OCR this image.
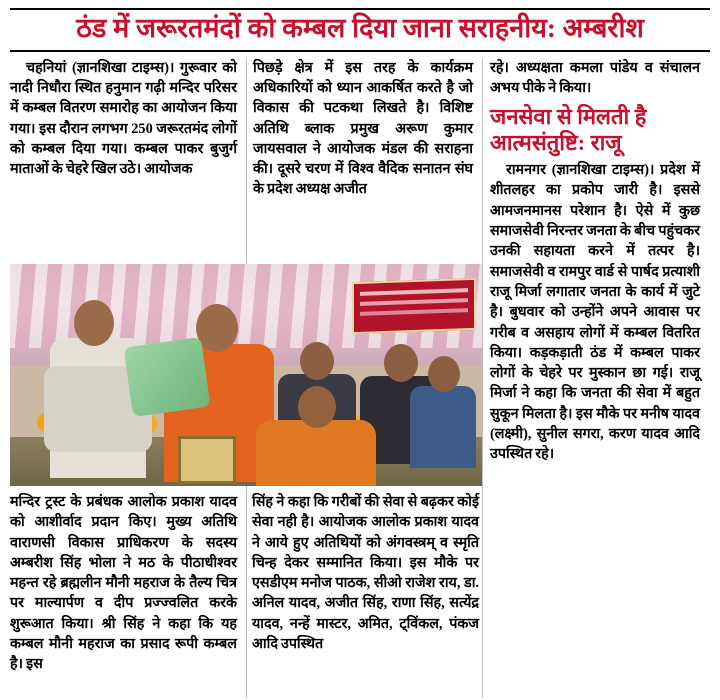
ठंड में जरूरतमंदों को कम्बल दिया जाना सराहनीय: अम्बरीश

चहनियां (ज्ञानशिखा टाइम्स)। गुरूवार को नादी निधौरा स्थित हनुमान गढ़ी मन्दिर परिसर में कम्बल वितरण समारोह का आयोजन किया गया। इस दौरान लगभग 250 जरूरतमंद लोगों को कम्बल दिया गया। कम्बल पाकर बुजुर्ग माताओं के चेहरे खिल उठे। आयोजक

पिछड़े क्षेत्र में इस तरह के कार्यक्रम अधिकारियों को ध्यान आकर्षित करते है जो विकास की पटकथा लिखते है। विशिष्ट अतिथि ब्लाक प्रमुख अरूण कुमार जायसवाल ने आयोजक मंडल की सराहना की। दूसरे चरण में विश्व वैदिक सनातन संघ के प्रदेश अध्यक्ष अजीत

रहे। अध्यक्षता कमला पांडेय व संचालन अभय पीके ने किया।

जनसेवा से मिलती है आत्मसंतुष्टि: राजू

रामनगर (ज्ञानशिखा टाइम्स)। प्रदेश में शीतलहर का प्रकोप जारी है। इससे आमजनमानस परेशान है। ऐसे में कुछ समाजसेवी निरन्तर जनता के बीच पहुंचकर उनकी सहायता करने में तत्पर है। समाजसेवी व रामपुर वार्ड से पार्षद प्रत्याशी राजू मिर्जा लगातार जनता के कार्य में जुटे है। बुधवार को उन्होंने अपने आवास पर गरीब व असहाय लोगों में कम्बल वितरित किया। कड़कड़ाती ठंड में कम्बल पाकर लोगों के चेहरे पर मुस्कान छा गई। राजू मिर्जा ने कहा कि जनता की सेवा में बहुत सुकून मिलता है। इस मौके पर मनीष यादव (लक्ष्मी), सुनील सगरा, करण यादव आदि उपस्थित रहे।

मन्दिर ट्रस्ट के प्रबंधक आलोक प्रकाश यादव को आशीर्वाद प्रदान किए। मुख्य अतिथि वाराणसी विकास प्राधिकरण के सदस्य अम्बरीश सिंह भोला ने मठ के पीठाधीश्वर महन्त रहे ब्रह्मलीन मौनी महराज के तैल्य चित्र पर माल्यार्पण व दीप प्रज्ज्वलित करके शुरूआत किया। श्री सिंह ने कहा कि यह कम्बल मौनी महराज का प्रसाद रूपी कम्बल है। इस

सिंह ने कहा कि गरीबों की सेवा से बढ़कर कोई सेवा नही है। आयोजक आलोक प्रकाश यादव ने आये हुए अतिथियों को अंगवस्त्रम् व स्मृति चिन्ह देकर सम्मानित किया। इस मौके पर एसडीएम मनोज पाठक, सीओ राजेश राय, डा. अनिल यादव, अजीत सिंह, राणा सिंह, सत्येंद्र यादव, नन्हें मास्टर, अमित, ट्विंकल, पंकज आदि उपस्थित
